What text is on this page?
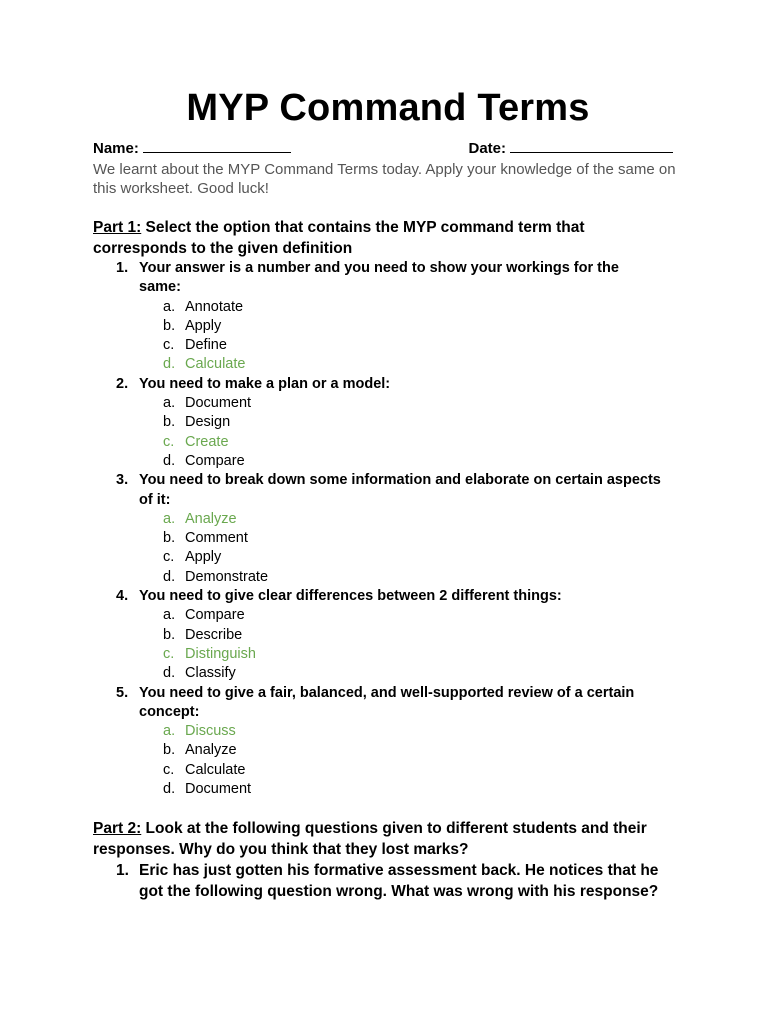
MYP Command Terms
Name:	Date:
We learnt about the MYP Command Terms today. Apply your knowledge of the same on this worksheet. Good luck!
Part 1: Select the option that contains the MYP command term that corresponds to the given definition
1. Your answer is a number and you need to show your workings for the same:
a. Annotate
b. Apply
c. Define
d. Calculate
2. You need to make a plan or a model:
a. Document
b. Design
c. Create
d. Compare
3. You need to break down some information and elaborate on certain aspects of it:
a. Analyze
b. Comment
c. Apply
d. Demonstrate
4. You need to give clear differences between 2 different things:
a. Compare
b. Describe
c. Distinguish
d. Classify
5. You need to give a fair, balanced, and well-supported review of a certain concept:
a. Discuss
b. Analyze
c. Calculate
d. Document
Part 2: Look at the following questions given to different students and their responses. Why do you think that they lost marks?
1. Eric has just gotten his formative assessment back. He notices that he got the following question wrong. What was wrong with his response?
